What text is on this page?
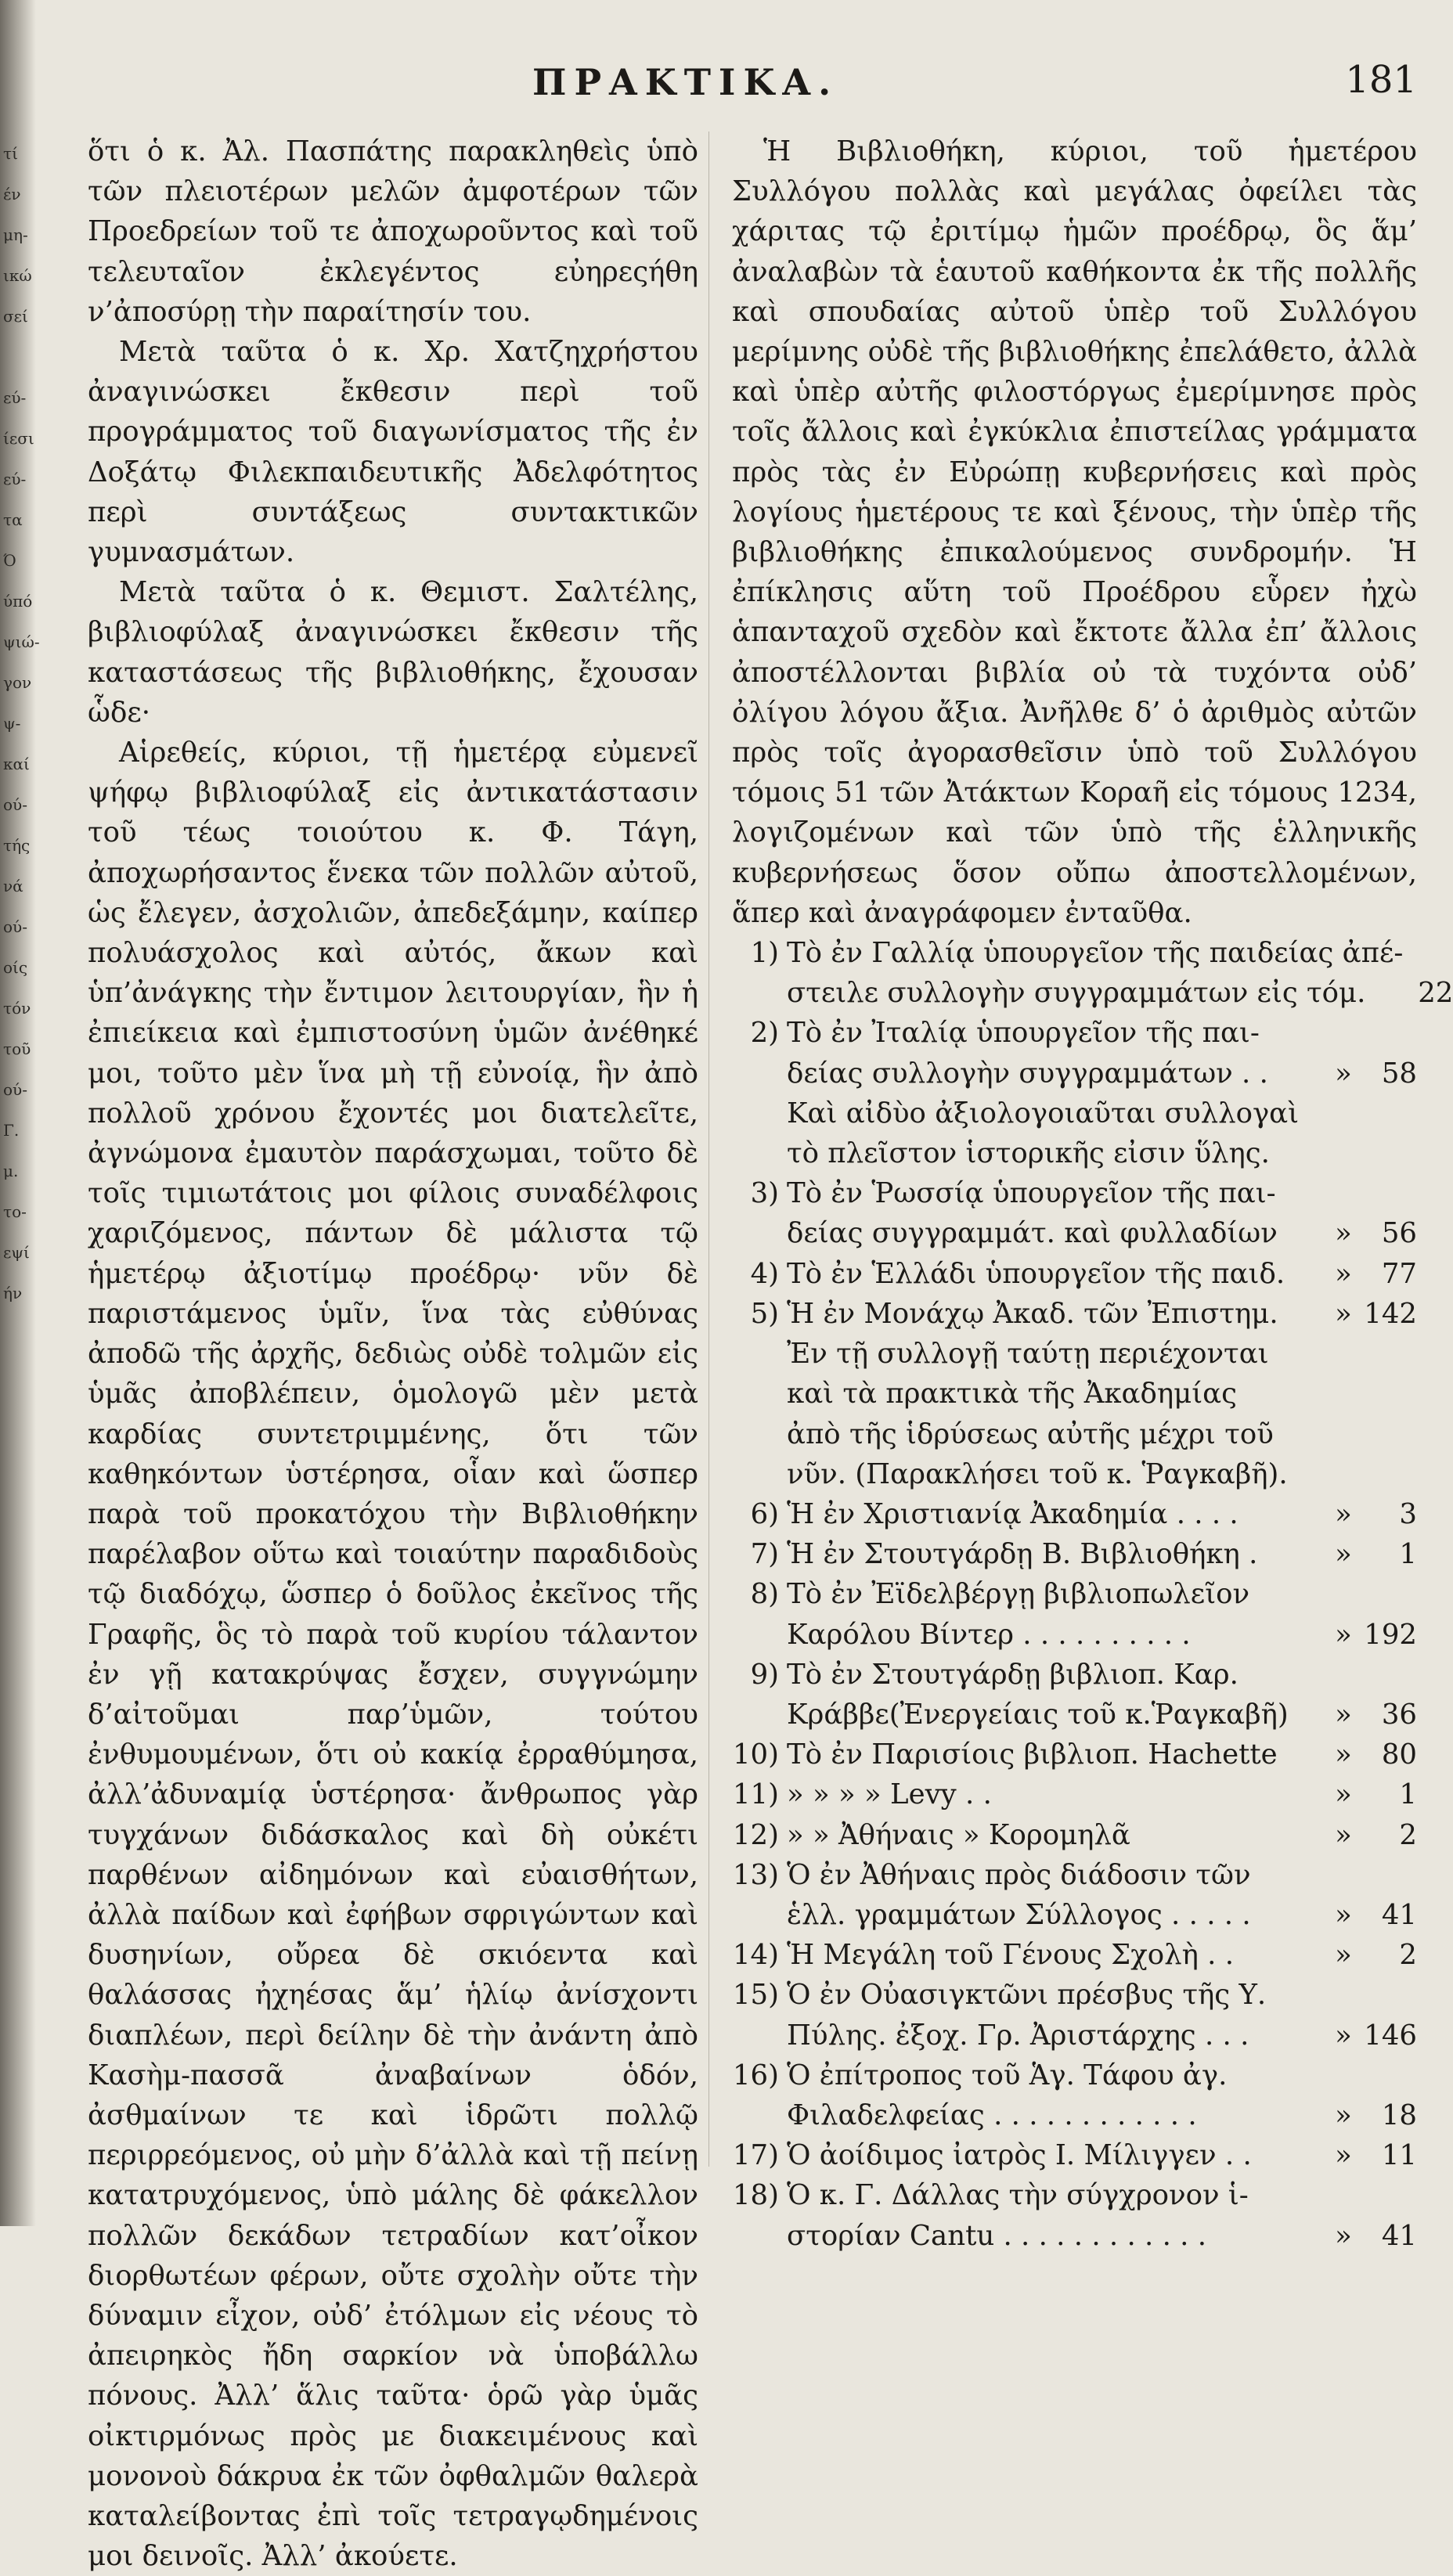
τί
έν
μη-
ικώ
σεί

εύ-
ίεσι
εύ-
τα
Ό
ύπό
ψιώ-
γον
ψ-
καί
ού-
τής
νά
ού-
οίς
τόν
τοῦ
ού-
Γ.
μ.
το-
εψί
ήν
ΠΡΑΚΤΙΚΑ.	181

ὅτι ὁ κ. Ἀλ. Πασπάτης παρακληθεὶς ὑπὸ τῶν πλειοτέρων μελῶν ἀμφοτέρων τῶν Προεδρείων τοῦ τε ἀποχωροῦντος καὶ τοῦ τελευταῖον ἐκλεγέντος εὐηρεςήθη ν’ἀποσύρῃ τὴν παραίτησίν του.

Μετὰ ταῦτα ὁ κ. Χρ. Χατζηχρήστου ἀναγινώσκει ἔκθεσιν περὶ τοῦ προγράμματος τοῦ διαγωνίσματος τῆς ἐν Δοξάτῳ Φιλεκπαιδευτικῆς Ἀδελφότητος περὶ συντάξεως συντακτικῶν γυμνασμάτων.

Μετὰ ταῦτα ὁ κ. Θεμιστ. Σαλτέλης, βιβλιοφύλαξ ἀναγινώσκει ἔκθεσιν τῆς καταστάσεως τῆς βιβλιοθήκης, ἔχουσαν ὧδε·

Αἱρεθείς, κύριοι, τῇ ἡμετέρᾳ εὐμενεῖ ψήφῳ βιβλιοφύλαξ εἰς ἀντικατάστασιν τοῦ τέως τοιούτου κ. Φ. Τάγη, ἀποχωρήσαντος ἕνεκα τῶν πολλῶν αὐτοῦ, ὡς ἔλεγεν, ἀσχολιῶν, ἀπεδεξάμην, καίπερ πολυάσχολος καὶ αὐτός, ἄκων καὶ ὑπ’ἀνάγκης τὴν ἔντιμον λειτουργίαν, ἣν ἡ ἐπιείκεια καὶ ἐμπιστοσύνη ὑμῶν ἀνέθηκέ μοι, τοῦτο μὲν ἵνα μὴ τῇ εὐνοίᾳ, ἣν ἀπὸ πολλοῦ χρόνου ἔχοντές μοι διατελεῖτε, ἀγνώμονα ἐμαυτὸν παράσχωμαι, τοῦτο δὲ τοῖς τιμιωτάτοις μοι φίλοις συναδέλφοις χαριζόμενος, πάντων δὲ μάλιστα τῷ ἡμετέρῳ ἀξιοτίμῳ προέδρῳ· νῦν δὲ παριστάμενος ὑμῖν, ἵνα τὰς εὐθύνας ἀποδῶ τῆς ἀρχῆς, δεδιὼς οὐδὲ τολμῶν εἰς ὑμᾶς ἀποβλέπειν, ὁμολογῶ μὲν μετὰ καρδίας συντετριμμένης, ὅτι τῶν καθηκόντων ὑστέρησα, οἷαν καὶ ὥσπερ παρὰ τοῦ προκατόχου τὴν Βιβλιοθήκην παρέλαβον οὕτω καὶ τοιαύτην παραδιδοὺς τῷ διαδόχῳ, ὥσπερ ὁ δοῦλος ἐκεῖνος τῆς Γραφῆς, ὃς τὸ παρὰ τοῦ κυρίου τάλαντον ἐν γῇ κατακρύψας ἔσχεν, συγγνώμην δ’αἰτοῦμαι παρ’ὑμῶν, τούτου ἐνθυμουμένων, ὅτι οὐ κακίᾳ ἐρραθύμησα, ἀλλ’ἀδυναμίᾳ ὑστέρησα· ἄνθρωπος γὰρ τυγχάνων διδάσκαλος καὶ δὴ οὐκέτι παρθένων αἰδημόνων καὶ εὐαισθήτων, ἀλλὰ παίδων καὶ ἐφήβων σφριγώντων καὶ δυσηνίων, οὔρεα δὲ σκιόεντα καὶ θαλάσσας ἠχηέσας ἅμ’ ἡλίῳ ἀνίσχοντι διαπλέων, περὶ δείλην δὲ τὴν ἀνάντη ἀπὸ Κασὴμ-πασσᾶ ἀναβαίνων ὁδόν, ἀσθμαίνων τε καὶ ἱδρῶτι πολλῷ περιρρεόμενος, οὐ μὴν δ’ἀλλὰ καὶ τῇ πείνῃ κατατρυχόμενος, ὑπὸ μάλης δὲ φάκελλον πολλῶν δεκάδων τετραδίων κατ’οἶκον διορθωτέων φέρων, οὔτε σχολὴν οὔτε τὴν δύναμιν εἶχον, οὐδ’ ἐτόλμων εἰς νέους τὸ ἀπειρηκὸς ἤδη σαρκίον νὰ ὑποβάλλω πόνους. Ἀλλ’ ἅλις ταῦτα· ὁρῶ γὰρ ὑμᾶς οἰκτιρμόνως πρὸς με διακειμένους καὶ μονονοὺ δάκρυα ἐκ τῶν ὀφθαλμῶν θαλερὰ καταλείβοντας ἐπὶ τοῖς τετραγῳδημένοις μοι δεινοῖς. Ἀλλ’ ἀκούετε.

Ἡ Βιβλιοθήκη, κύριοι, τοῦ ἡμετέρου Συλλόγου πολλὰς καὶ μεγάλας ὀφείλει τὰς χάριτας τῷ ἐριτίμῳ ἡμῶν προέδρῳ, ὃς ἅμ’ ἀναλαβὼν τὰ ἑαυτοῦ καθήκοντα ἐκ τῆς πολλῆς καὶ σπουδαίας αὐτοῦ ὑπὲρ τοῦ Συλλόγου μερίμνης οὐδὲ τῆς βιβλιοθήκης ἐπελάθετο, ἀλλὰ καὶ ὑπὲρ αὐτῆς φιλοστόργως ἐμερίμνησε πρὸς τοῖς ἄλλοις καὶ ἐγκύκλια ἐπιστείλας γράμματα πρὸς τὰς ἐν Εὐρώπῃ κυβερνήσεις καὶ πρὸς λογίους ἡμετέρους τε καὶ ξένους, τὴν ὑπὲρ τῆς βιβλιοθήκης ἐπικαλούμενος συνδρομήν. Ἡ ἐπίκλησις αὕτη τοῦ Προέδρου εὗρεν ἠχὼ ἁπανταχοῦ σχεδὸν καὶ ἔκτοτε ἄλλα ἐπ’ ἄλλοις ἀποστέλλονται βιβλία οὐ τὰ τυχόντα οὐδ’ ὀλίγου λόγου ἄξια. Ἀνῆλθε δ’ ὁ ἀριθμὸς αὐτῶν πρὸς τοῖς ἀγορασθεῖσιν ὑπὸ τοῦ Συλλόγου τόμοις 51 τῶν Ἀτάκτων Κοραῆ εἰς τόμους 1234, λογιζομένων καὶ τῶν ὑπὸ τῆς ἑλληνικῆς κυβερνήσεως ὅσον οὔπω ἀποστελλομένων, ἅπερ καὶ ἀναγράφομεν ἐνταῦθα.

1) Τὸ ἐν Γαλλίᾳ ὑπουργεῖον τῆς παιδείας ἀπέ-
στειλε συλλογὴν συγγραμμάτων εἰς τόμ.	22
2) Τὸ ἐν Ἰταλίᾳ ὑπουργεῖον τῆς παι-
δείας συλλογὴν συγγραμμάτων . .	»	58
Καὶ αἰδὺο ἀξιολογοιαῦται συλλογαὶ
τὸ πλεῖστον ἱστορικῆς εἰσιν ὕλης.
3) Τὸ ἐν Ῥωσσίᾳ ὑπουργεῖον τῆς παι-
δείας συγγραμμάτ. καὶ φυλλαδίων	»	56
4) Τὸ ἐν Ἑλλάδι ὑπουργεῖον τῆς παιδ.	»	77
5) Ἡ ἐν Μονάχῳ Ἀκαδ. τῶν Ἐπιστημ.	» 142
Ἐν τῇ συλλογῇ ταύτῃ περιέχονται
καὶ τὰ πρακτικὰ τῆς Ἀκαδημίας
ἀπὸ τῆς ἱδρύσεως αὐτῆς μέχρι τοῦ
νῦν. (Παρακλήσει τοῦ κ. Ῥαγκαβῆ).
6) Ἡ ἐν Χριστιανίᾳ Ἀκαδημία . . . .	»	3
7) Ἡ ἐν Στουτγάρδῃ Β. Βιβλιοθήκη .	»	1
8) Τὸ ἐν Ἐϊδελβέργῃ βιβλιοπωλεῖον
Καρόλου Βίντερ . . . . . . . . . .	» 192
9) Τὸ ἐν Στουτγάρδῃ βιβλιοπ. Καρ.
Κράββε(Ἐνεργείαις τοῦ κ.Ῥαγκαβῆ)	»	36
10) Τὸ ἐν Παρισίοις βιβλιοπ. Hachette	»	80
11) » » » » Levy . .	»	1
12) » » Ἀθήναις » Κορομηλᾶ	»	2
13) Ὁ ἐν Ἀθήναις πρὸς διάδοσιν τῶν
ἑλλ. γραμμάτων Σύλλογος . . . . .	»	41
14) Ἡ Μεγάλη τοῦ Γένους Σχολὴ . .	»	2
15) Ὁ ἐν Οὐασιγκτῶνι πρέσβυς τῆς Υ.
Πύλης. ἐξοχ. Γρ. Ἀριστάρχης . . .	» 146
16) Ὁ ἐπίτροπος τοῦ Ἁγ. Τάφου ἀγ.
Φιλαδελφείας . . . . . . . . . . . .	»	18
17) Ὁ ἀοίδιμος ἰατρὸς Ι. Μίλιγγεν . .	»	11
18) Ὁ κ. Γ. Δάλλας τὴν σύγχρονον ἱ-
στορίαν Cantu . . . . . . . . . . . .	»	41
